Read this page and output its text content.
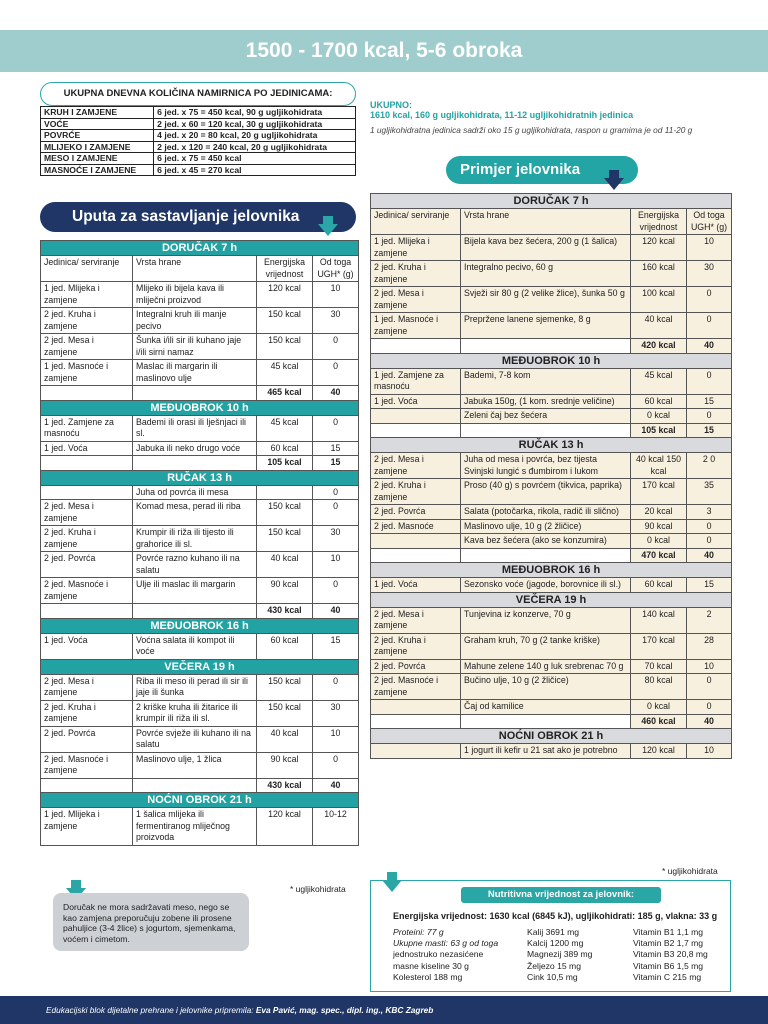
1500 - 1700 kcal, 5-6 obroka
UKUPNA DNEVNA KOLIČINA NAMIRNICA PO JEDINICAMA:
KRUH I ZAMJENE	6 jed. x 75 = 450 kcal, 90 g ugljikohidrata
VOĆE	2 jed. x 60 = 120 kcal, 30 g ugljikohidrata
POVRĆE	4 jed. x 20 = 80 kcal, 20 g ugljikohidrata
MLIJEKO I ZAMJENE	2 jed. x 120 = 240 kcal, 20 g ugljikohidrata
MESO I ZAMJENE	6 jed. x 75 = 450 kcal
MASNOĆE I ZAMJENE	6 jed. x 45 = 270 kcal
UKUPNO:
1610 kcal, 160 g ugljikohidrata, 11-12 ugljikohidratnih jedinica
1 ugljikohidratna jedinica sadrži oko 15 g ugljikohidrata, raspon u gramima je od 11-20 g
Uputa za sastavljanje jelovnika
Primjer jelovnika
DORUČAK 7 h			
Jedinica/ serviranje	Vrsta hrane	Energijska vrijednost	Od toga UGH* (g)
1 jed. Mlijeka i zamjene	Mlijeko ili bijela kava ili mliječni proizvod	120 kcal	10
2 jed. Kruha i zamjene	Integralni kruh ili manje pecivo	150 kcal	30
2 jed. Mesa i zamjene	Šunka i/ili sir ili kuhano jaje i/ili sirni namaz	150 kcal	0
1 jed. Masnoće i zamjene	Maslac ili margarin ili maslinovo ulje	45 kcal	0
		465 kcal	40
MEĐUOBROK 10 h			
1 jed. Zamjene za masnoću	Bademi ili orasi ili lješnjaci ili sl.	45 kcal	0
1 jed. Voća	Jabuka ili neko drugo voće	60 kcal	15
		105 kcal	15
RUČAK 13 h			
	Juha od povrća ili mesa		0
2 jed. Mesa i zamjene	Komad mesa, perad ili riba	150 kcal	0
2 jed. Kruha i zamjene	Krumpir ili riža ili tijesto ili grahorice ili sl.	150 kcal	30
2 jed. Povrća	Povrće razno kuhano ili na salatu	40 kcal	10
2 jed. Masnoće i zamjene	Ulje ili maslac ili margarin	90 kcal	0
		430 kcal	40
MEĐUOBROK 16 h			
1 jed. Voća	Voćna salata ili kompot ili voće	60 kcal	15
VEČERA 19 h			
2 jed. Mesa i zamjene	Riba ili meso ili perad ili sir ili jaje ili šunka	150 kcal	0
2 jed. Kruha i zamjene	2 kriške kruha ili žitarice ili krumpir ili riža ili sl.	150 kcal	30
2 jed. Povrća	Povrće svježe ili kuhano ili na salatu	40 kcal	10
2 jed. Masnoće i zamjene	Maslinovo ulje, 1 žlica	90 kcal	0
		430 kcal	40
NOĆNI OBROK 21 h			
1 jed. Mlijeka i zamjene	1 šalica mlijeka ili fermentiranog mliječnog proizvoda	120 kcal	10-12
* ugljikohidrata
DORUČAK 7 h			
Jedinica/ serviranje	Vrsta hrane	Energijska vrijednost	Od toga UGH* (g)
1 jed. Mlijeka i zamjene	Bijela kava bez šećera, 200 g (1 šalica)	120 kcal	10
2 jed. Kruha i zamjene	Integralno pecivo, 60 g	160 kcal	30
2 jed. Mesa i zamjene	Svježi sir 80 g (2 velike žlice), šunka 50 g	100 kcal	0
1 jed. Masnoće i zamjene	Prepržene lanene sjemenke, 8 g	40 kcal	0
		420 kcal	40
MEĐUOBROK 10 h			
1 jed. Zamjene za masnoću	Bademi, 7-8 kom	45 kcal	0
1 jed. Voća	Jabuka 150g, (1 kom. srednje veličine)	60 kcal	15
	Zeleni čaj bez šećera	0 kcal	0
		105 kcal	15
RUČAK 13 h			
2 jed. Mesa i zamjene	Juha od mesa i povrća, bez tijesta Svinjski lungić s đumbirom i lukom	40 kcal 150 kcal	2 0
2 jed. Kruha i zamjene	Proso (40 g) s povrćem (tikvica, paprika)	170 kcal	35
2 jed. Povrća	Salata (potočarka, rikola, radič ili slično)	20 kcal	3
2 jed. Masnoće	Maslinovo ulje, 10 g (2 žličice)	90 kcal	0
	Kava bez šećera (ako se konzumira)	0 kcal	0
		470 kcal	40
MEĐUOBROK 16 h			
1 jed. Voća	Sezonsko voće (jagode, borovnice ili sl.)	60 kcal	15
VEČERA 19 h			
2 jed. Mesa i zamjene	Tunjevina iz konzerve, 70 g	140 kcal	2
2 jed. Kruha i zamjene	Graham kruh, 70 g (2 tanke kriške)	170 kcal	28
2 jed. Povrća	Mahune zelene 140 g luk srebrenac 70 g	70 kcal	10
2 jed. Masnoće i zamjene	Bučino ulje, 10 g (2 žličice)	80 kcal	0
	Čaj od kamilice	0 kcal	0
		460 kcal	40
NOĆNI OBROK 21 h			
	1 jogurt ili kefir u 21 sat ako je potrebno	120 kcal	10
* ugljikohidrata
Doručak ne mora sadržavati meso, nego se kao zamjena preporučuju zobene ili prosene pahuljice (3-4 žlice) s jogurtom, sjemenkama, voćem i cimetom.
Nutritivna vrijednost za jelovnik:
Energijska vrijednost: 1630 kcal (6845 kJ), ugljikohidrati: 185 g, vlakna: 33 g
Proteini: 77 g
Ukupne masti: 63 g od toga
jednostruko nezasićene
masne kiseline 30 g
Kolesterol 188 mg
Kalij 3691 mg
Kalcij 1200 mg
Magnezij 389 mg
Željezo 15 mg
Cink 10,5 mg
Vitamin B1 1,1 mg
Vitamin B2 1,7 mg
Vitamin B3 20,8 mg
Vitamin B6 1,5 mg
Vitamin C 215 mg
Edukacijski blok dijetalne prehrane i jelovnike pripremila: Eva Pavić, mag. spec., dipl. ing., KBC Zagreb
